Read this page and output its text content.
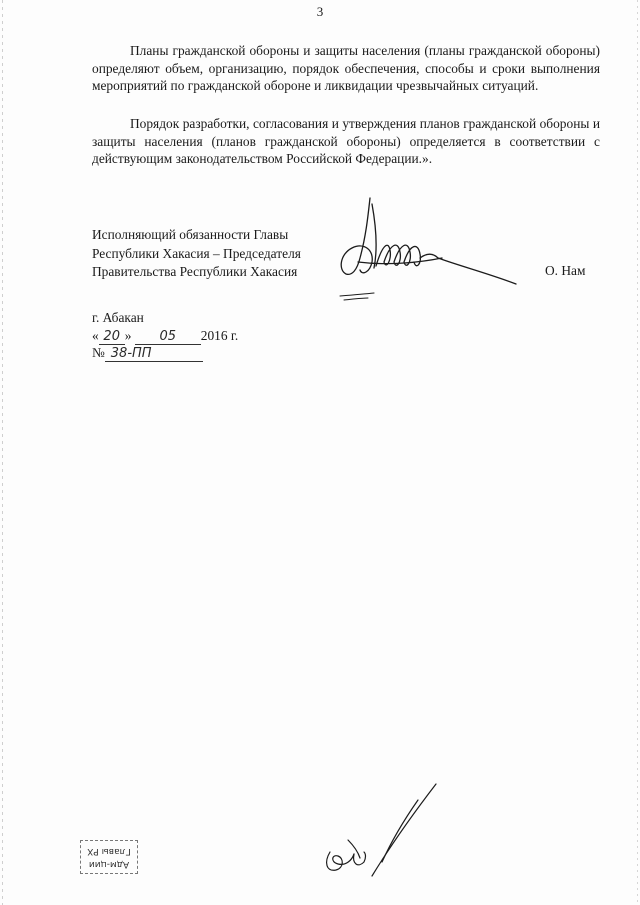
3

Планы гражданской обороны и защиты населения (планы гражданской обороны) определяют объем, организацию, порядок обеспечения, способы и сроки выполнения мероприятий по гражданской обороне и ликвидации чрезвычайных ситуаций.

Порядок разработки, согласования и утверждения планов гражданской обороны и защиты населения (планов гражданской обороны) определяется в соответствии с действующим законодательством Российской Федерации.».

Исполняющий обязанности Главы
Республики Хакасия – Председателя
Правительства Республики Хакасия	О. Нам
г. Абакан
« 20 » 05 2016 г.
№ 38-ПП
Адм-ции
Главы РХ
